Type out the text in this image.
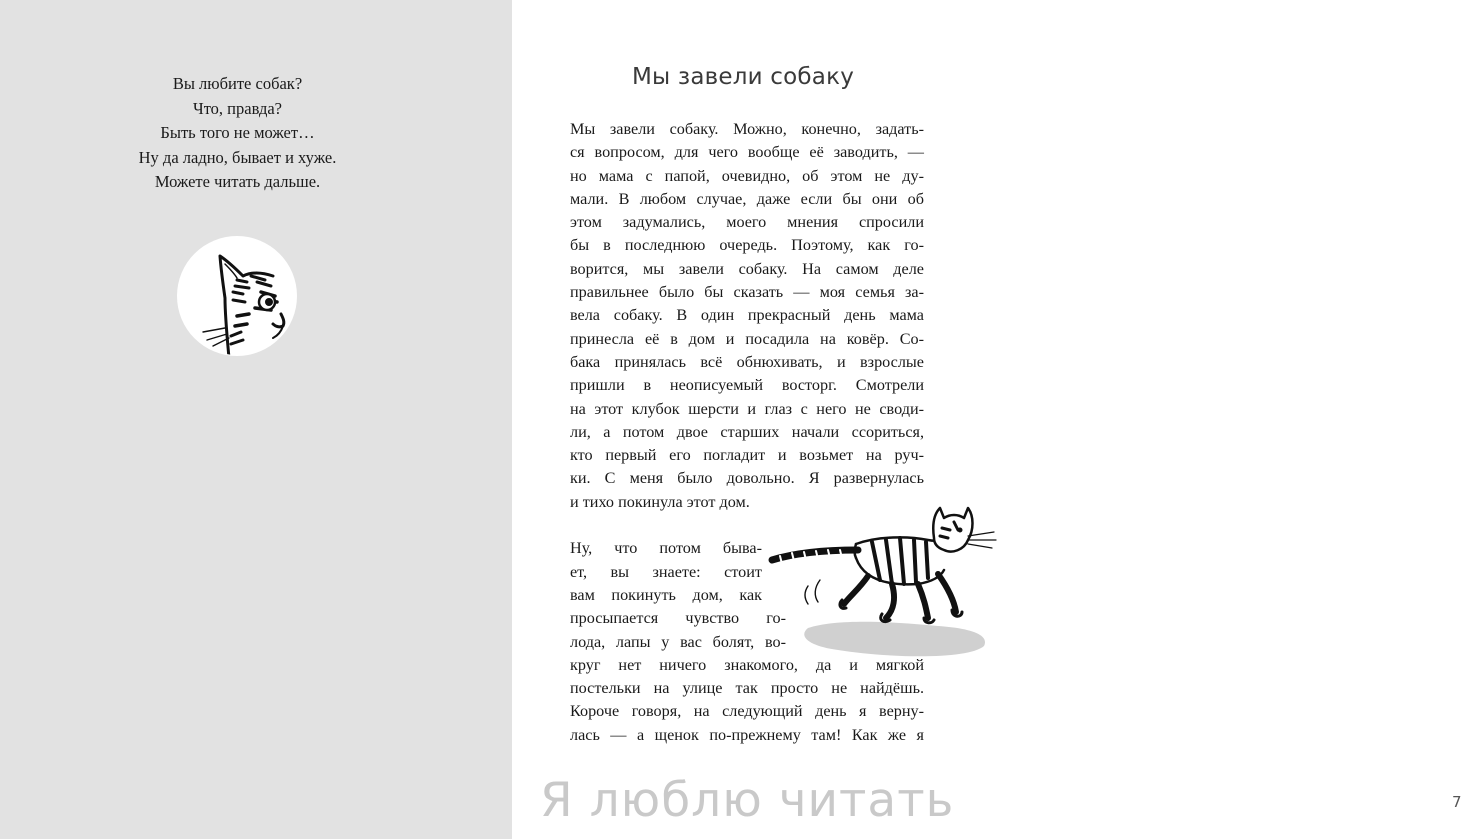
Вы любите собак?
Что, правда?
Быть того не может…
Ну да ладно, бывает и хуже.
Можете читать дальше.
Мы завели собаку
Мы завели собаку. Можно, конечно, задать-
ся вопросом, для чего вообще её заводить, —
но мама с папой, очевидно, об этом не ду-
мали. В любом случае, даже если бы они об
этом задумались, моего мнения спросили
бы в последнюю очередь. Поэтому, как го-
ворится, мы завели собаку. На самом деле
правильнее было бы сказать — моя семья за-
вела собаку. В один прекрасный день мама
принесла её в дом и посадила на ковёр. Со-
бака принялась всё обнюхивать, и взрослые
пришли в неописуемый восторг. Смотрели
на этот клубок шерсти и глаз с него не своди-
ли, а потом двое старших начали ссориться,
кто первый его погладит и возьмет на руч-
ки. С меня было довольно. Я развернулась
и тихо покинула этот дом.
Ну, что потом быва-
ет, вы знаете: стоит
вам покинуть дом, как
просыпается чувство го-
лода, лапы у вас болят, во-
круг нет ничего знакомого, да и мягкой
постельки на улице так просто не найдёшь.
Короче говоря, на следующий день я верну-
лась — а щенок по-прежнему там! Как же я
7
Я люблю читать
